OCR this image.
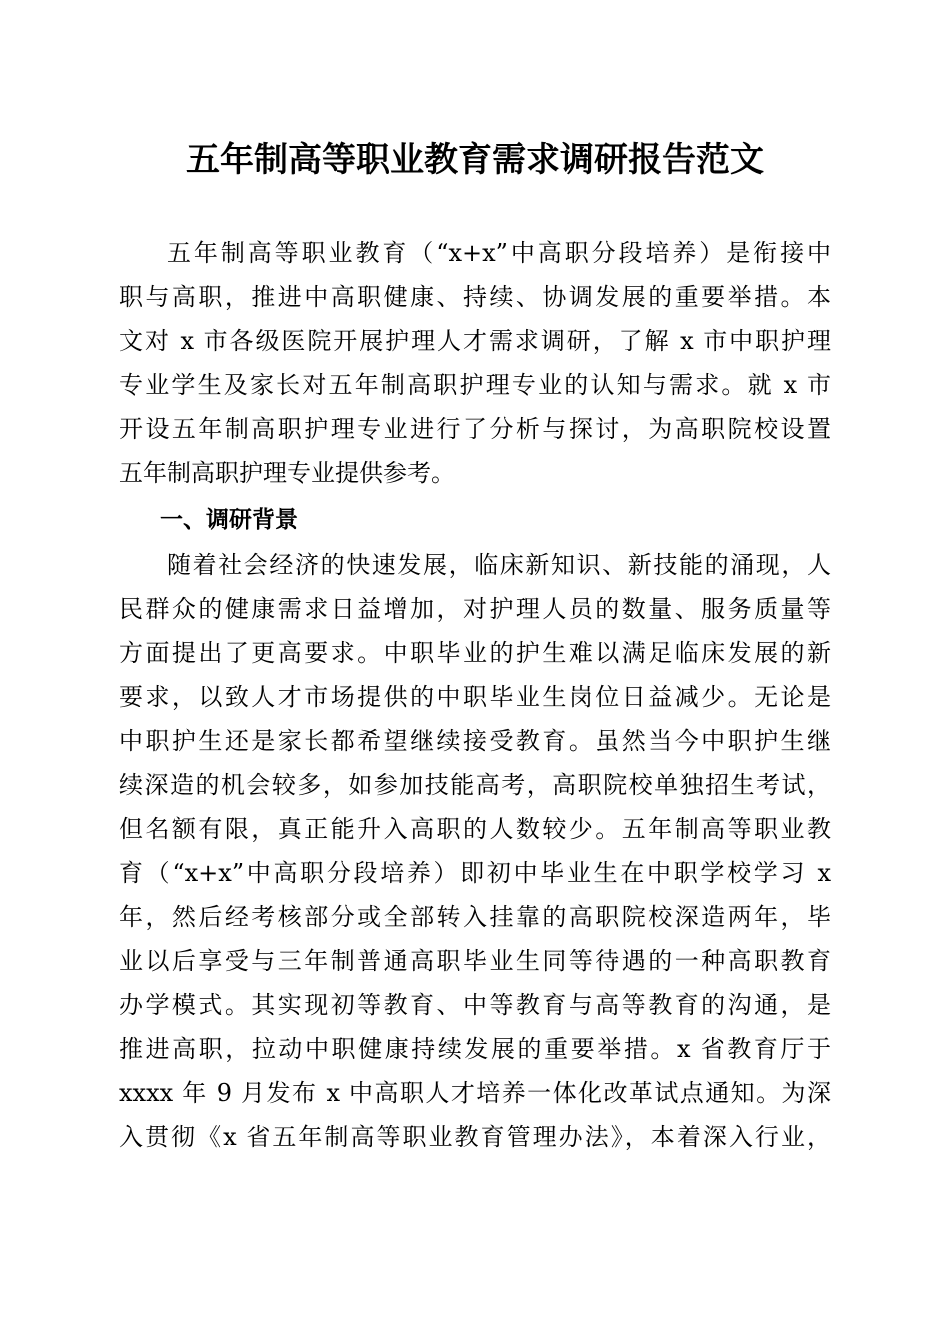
五年制高等职业教育需求调研报告范文
五年制高等职业教育（“x+x”中高职分段培养）是衔接中
职与高职，推进中高职健康、持续、协调发展的重要举措。本
文对 x 市各级医院开展护理人才需求调研，了解 x 市中职护理
专业学生及家长对五年制高职护理专业的认知与需求。就 x 市
开设五年制高职护理专业进行了分析与探讨，为高职院校设置
五年制高职护理专业提供参考。
一、调研背景
随着社会经济的快速发展，临床新知识、新技能的涌现，人
民群众的健康需求日益增加，对护理人员的数量、服务质量等
方面提出了更高要求。中职毕业的护生难以满足临床发展的新
要求，以致人才市场提供的中职毕业生岗位日益减少。无论是
中职护生还是家长都希望继续接受教育。虽然当今中职护生继
续深造的机会较多，如参加技能高考，高职院校单独招生考试，
但名额有限，真正能升入高职的人数较少。五年制高等职业教
育（“x+x”中高职分段培养）即初中毕业生在中职学校学习 x
年，然后经考核部分或全部转入挂靠的高职院校深造两年，毕
业以后享受与三年制普通高职毕业生同等待遇的一种高职教育
办学模式。其实现初等教育、中等教育与高等教育的沟通，是
推进高职，拉动中职健康持续发展的重要举措。x 省教育厅于
xxxx 年 9 月发布 x 中高职人才培养一体化改革试点通知。为深
入贯彻《x 省五年制高等职业教育管理办法》，本着深入行业，
